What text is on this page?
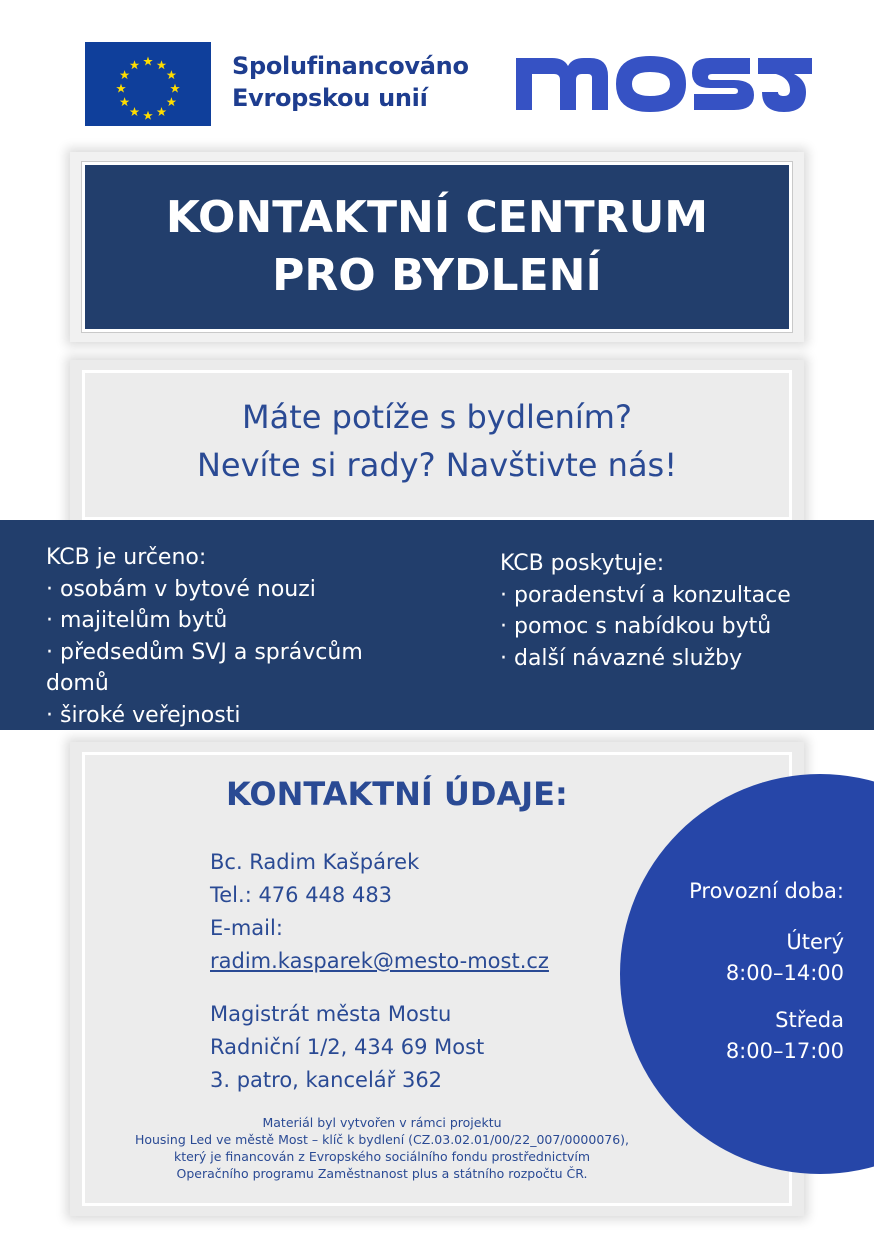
Spolufinancováno
Evropskou unií
KONTAKTNÍ CENTRUM
PRO BYDLENÍ
Máte potíže s bydlením?
Nevíte si rady? Navštivte nás!
KCB je určeno:
· osobám v bytové nouzi
· majitelům bytů
· předsedům SVJ a správcům
domů
· široké veřejnosti
KCB poskytuje:
· poradenství a konzultace
· pomoc s nabídkou bytů
· další návazné služby
KONTAKTNÍ ÚDAJE:
Bc. Radim Kašpárek
Tel.: 476 448 483
E-mail:
radim.kasparek@mesto-most.cz
Magistrát města Mostu
Radniční 1/2, 434 69 Most
3. patro, kancelář 362
Provozní doba:
Úterý
8:00–14:00
Středa
8:00–17:00
Materiál byl vytvořen v rámci projektu
Housing Led ve městě Most – klíč k bydlení (CZ.03.02.01/00/22_007/0000076),
který je financován z Evropského sociálního fondu prostřednictvím
Operačního programu Zaměstnanost plus a státního rozpočtu ČR.
